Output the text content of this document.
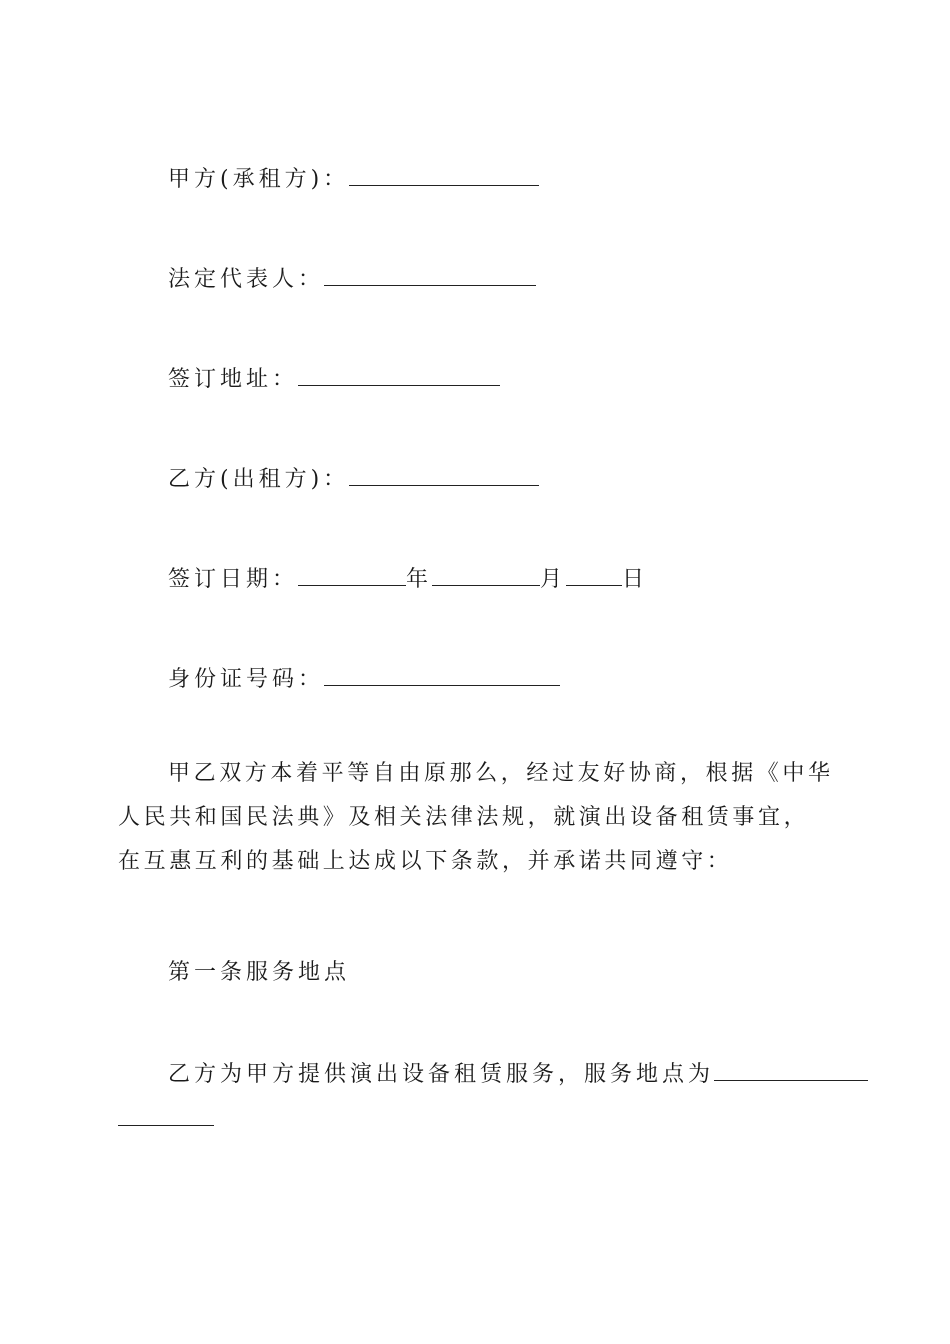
甲方(承租方)：
法定代表人：
签订地址：
乙方(出租方)：
签订日期：	年	月	日
身份证号码：
甲乙双方本着平等自由原那么，经过友好协商，根据《中华人民共和国民法典》及相关法律法规，就演出设备租赁事宜，在互惠互利的基础上达成以下条款，并承诺共同遵守：
第一条服务地点
乙方为甲方提供演出设备租赁服务，服务地点为
